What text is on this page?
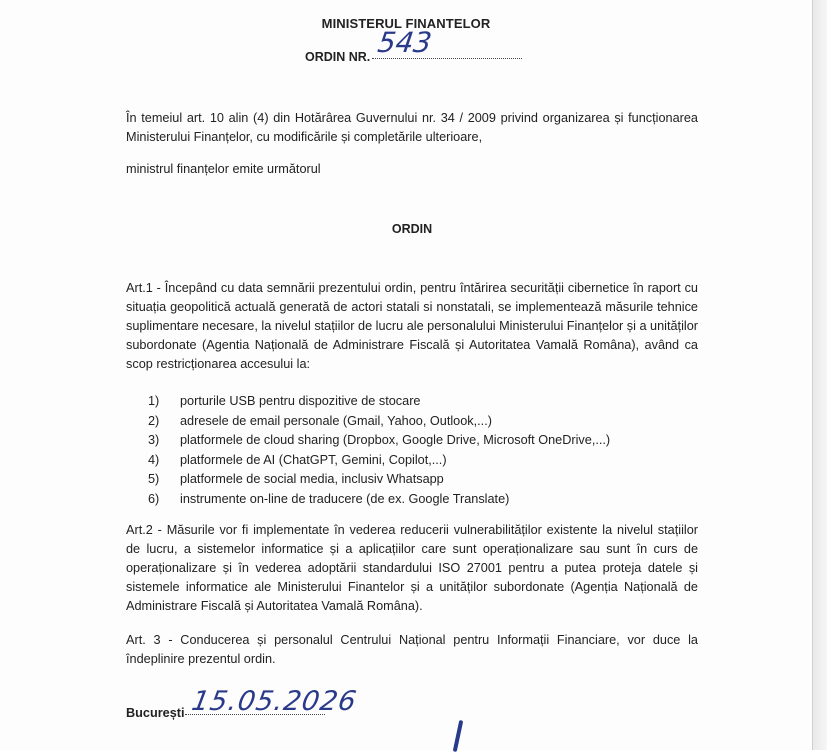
MINISTERUL FINANTELOR
ORDIN NR. 543

În temeiul art. 10 alin (4) din Hotărârea Guvernului nr. 34 / 2009 privind organizarea și funcționarea Ministerului Finanțelor, cu modificările și completările ulterioare,

ministrul finanțelor emite următorul

ORDIN

Art.1 - Începând cu data semnării prezentului ordin, pentru întărirea securității cibernetice în raport cu situația geopolitică actuală generată de actori statali si nonstatali, se implementează măsurile tehnice suplimentare necesare, la nivelul stațiilor de lucru ale personalului Ministerului Finanțelor și a unităților subordonate (Agentia Națională de Administrare Fiscală și Autoritatea Vamală Româna), având ca scop restricționarea accesului la:

1) porturile USB pentru dispozitive de stocare
2) adresele de email personale (Gmail, Yahoo, Outlook,...)
3) platformele de cloud sharing (Dropbox, Google Drive, Microsoft OneDrive,...)
4) platformele de AI (ChatGPT, Gemini, Copilot,...)
5) platformele de social media, inclusiv Whatsapp
6) instrumente on-line de traducere (de ex. Google Translate)

Art.2 - Măsurile vor fi implementate în vederea reducerii vulnerabilităților existente la nivelul stațiilor de lucru, a sistemelor informatice și a aplicațiilor care sunt operaționalizare sau sunt în curs de operaționalizare și în vederea adoptării standardului ISO 27001 pentru a putea proteja datele și sistemele informatice ale Ministerului Finantelor și a unităților subordonate (Agenția Națională de Administrare Fiscală și Autoritatea Vamală Româna).

Art. 3 - Conducerea și personalul Centrului Național pentru Informații Financiare, vor duce la îndeplinire prezentul ordin.

București 15.05.2026
